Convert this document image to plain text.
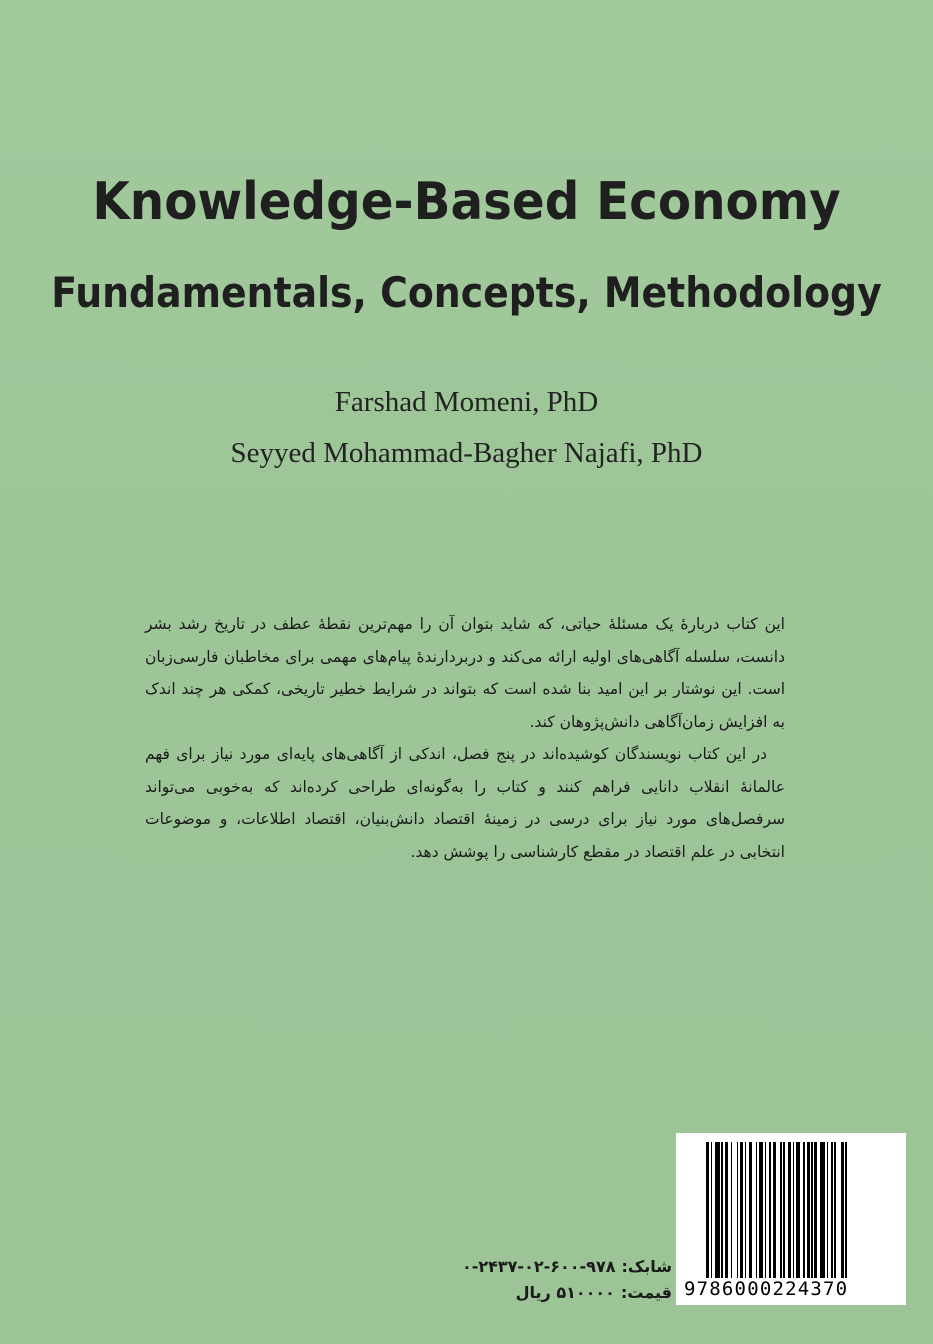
Knowledge-Based Economy
Fundamentals, Concepts, Methodology
Farshad Momeni, PhD
Seyyed Mohammad-Bagher Najafi, PhD

این کتاب دربارهٔ یک مسئلهٔ حیاتی، که شاید بتوان آن را مهم‌ترین نقطهٔ عطف در تاریخ رشد بشر دانست، سلسله آگاهی‌های اولیه ارائه می‌کند و دربردارندهٔ پیام‌های مهمی برای مخاطبان فارسی‌زبان است. این نوشتار بر این امید بنا شده است که بتواند در شرایط خطیر تاریخی، کمکی هر چند اندک به افزایش زمان‌آگاهی دانش‌پژوهان کند.

در این کتاب نویسندگان کوشیده‌اند در پنج فصل، اندکی از آگاهی‌های پایه‌ای مورد نیاز برای فهم عالمانهٔ انقلاب دانایی فراهم کنند و کتاب را به‌گونه‌ای طراحی کرده‌اند که به‌خوبی می‌تواند سرفصل‌های مورد نیاز برای درسی در زمینهٔ اقتصاد دانش‌بنیان، اقتصاد اطلاعات، و موضوعات انتخابی در علم اقتصاد در مقطع کارشناسی را پوشش دهد.

شابک:۹۷۸-۶۰۰-۰۲-۲۴۳۷-۰
قیمت:۵۱۰۰۰۰ ریال	9786000224370
